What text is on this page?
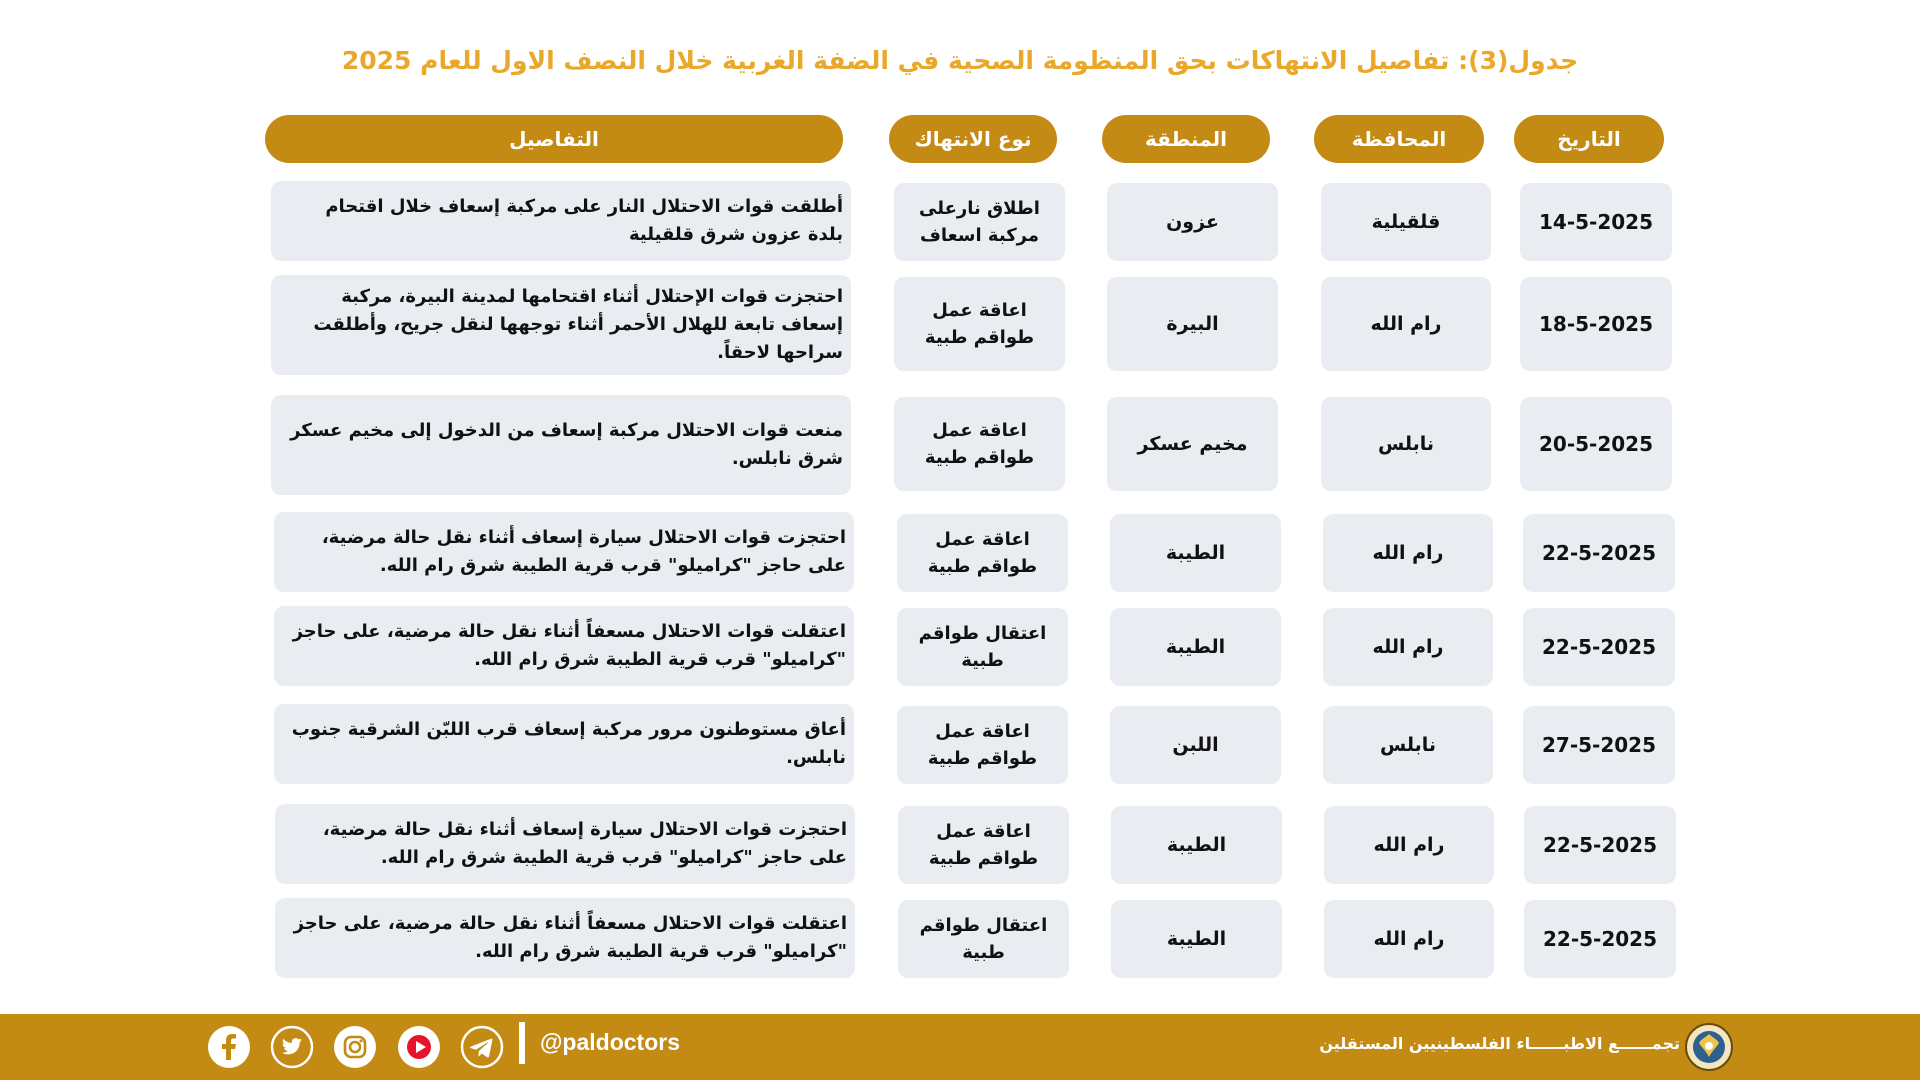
جدول(3): تفاصيل الانتهاكات بحق المنظومة الصحية في الضفة الغربية خلال النصف الاول للعام 2025
التاريخ
المحافظة
المنطقة
نوع الانتهاك
التفاصيل
14-5-2025
قلقيلية
عزون
اطلاق نارعلى مركبة اسعاف
أطلقت قوات الاحتلال النار على مركبة إسعاف خلال اقتحام بلدة عزون شرق قلقيلية
18-5-2025
رام الله
البيرة
اعاقة عمل طواقم طبية
احتجزت قوات الإحتلال أثناء اقتحامها لمدينة البيرة، مركبة إسعاف تابعة للهلال الأحمر أثناء توجهها لنقل جريح، وأطلقت سراحها لاحقاً.
20-5-2025
نابلس
مخيم عسكر
اعاقة عمل طواقم طبية
منعت قوات الاحتلال مركبة إسعاف من الدخول إلى مخيم عسكر شرق نابلس.
22-5-2025
رام الله
الطيبة
اعاقة عمل طواقم طبية
احتجزت قوات الاحتلال سيارة إسعاف أثناء نقل حالة مرضية، على حاجز "كراميلو" قرب قرية الطيبة شرق رام الله.
22-5-2025
رام الله
الطيبة
اعتقال طواقم طبية
اعتقلت قوات الاحتلال مسعفاً أثناء نقل حالة مرضية، على حاجز "كراميلو" قرب قرية الطيبة شرق رام الله.
27-5-2025
نابلس
اللبن
اعاقة عمل طواقم طبية
أعاق مستوطنون مرور مركبة إسعاف قرب اللبّن الشرقية جنوب نابلس.
22-5-2025
رام الله
الطيبة
اعاقة عمل طواقم طبية
احتجزت قوات الاحتلال سيارة إسعاف أثناء نقل حالة مرضية، على حاجز "كراميلو" قرب قرية الطيبة شرق رام الله.
22-5-2025
رام الله
الطيبة
اعتقال طواقم طبية
اعتقلت قوات الاحتلال مسعفاً أثناء نقل حالة مرضية، على حاجز "كراميلو" قرب قرية الطيبة شرق رام الله.
@paldoctors	تجمــــــع الاطبــــــاء الفلسطينيين المستقلين
